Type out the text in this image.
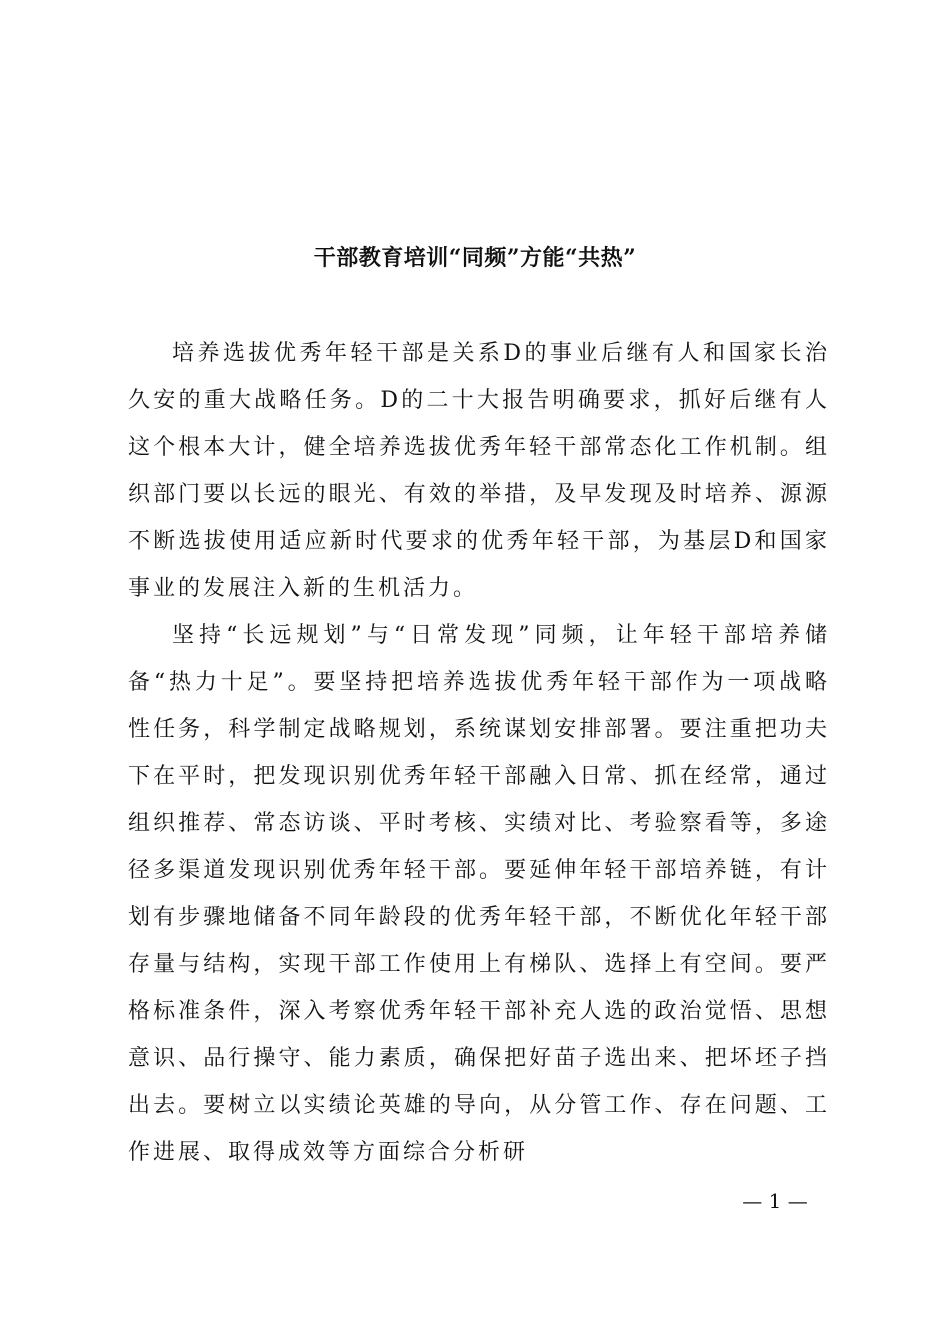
干部教育培训“同频”方能“共热”

培养选拔优秀年轻干部是关系D的事业后继有人和国家长治久安的重大战略任务。D的二十大报告明确要求，抓好后继有人这个根本大计，健全培养选拔优秀年轻干部常态化工作机制。组织部门要以长远的眼光、有效的举措，及早发现及时培养、源源不断选拔使用适应新时代要求的优秀年轻干部，为基层D和国家事业的发展注入新的生机活力。

坚持“长远规划”与“日常发现”同频，让年轻干部培养储备“热力十足”。要坚持把培养选拔优秀年轻干部作为一项战略性任务，科学制定战略规划，系统谋划安排部署。要注重把功夫下在平时，把发现识别优秀年轻干部融入日常、抓在经常，通过组织推荐、常态访谈、平时考核、实绩对比、考验察看等，多途径多渠道发现识别优秀年轻干部。要延伸年轻干部培养链，有计划有步骤地储备不同年龄段的优秀年轻干部，不断优化年轻干部存量与结构，实现干部工作使用上有梯队、选择上有空间。要严格标准条件，深入考察优秀年轻干部补充人选的政治觉悟、思想意识、品行操守、能力素质，确保把好苗子选出来、把坏坯子挡出去。要树立以实绩论英雄的导向，从分管工作、存在问题、工作进展、取得成效等方面综合分析研

— 1 —
